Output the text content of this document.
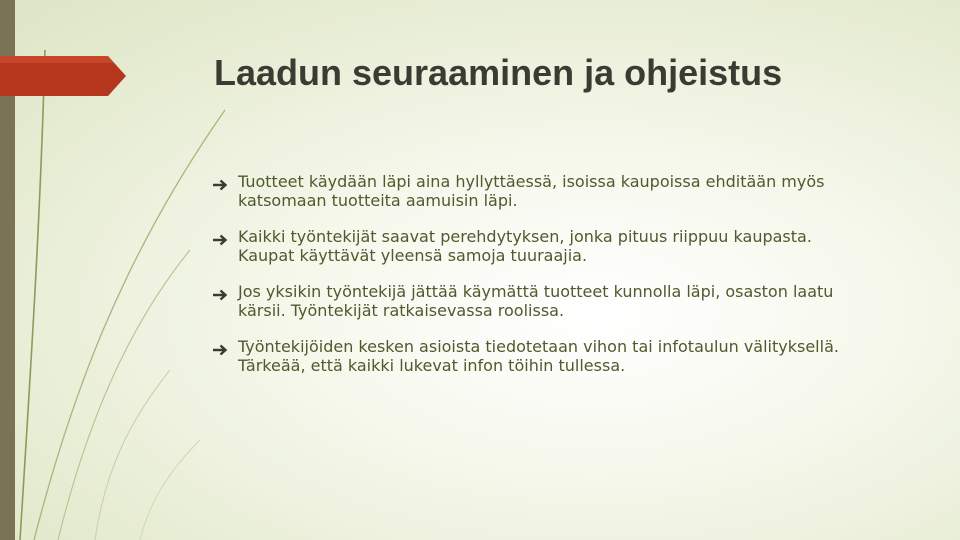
Laadun seuraaminen ja ohjeistus
Tuotteet käydään läpi aina hyllyttäessä, isoissa kaupoissa ehditään myös
katsomaan tuotteita aamuisin läpi.
Kaikki työntekijät saavat perehdytyksen, jonka pituus riippuu kaupasta.
Kaupat käyttävät yleensä samoja tuuraajia.
Jos yksikin työntekijä jättää käymättä tuotteet kunnolla läpi, osaston laatu
kärsii. Työntekijät ratkaisevassa roolissa.
Työntekijöiden kesken asioista tiedotetaan vihon tai infotaulun välityksellä.
Tärkeää, että kaikki lukevat infon töihin tullessa.
